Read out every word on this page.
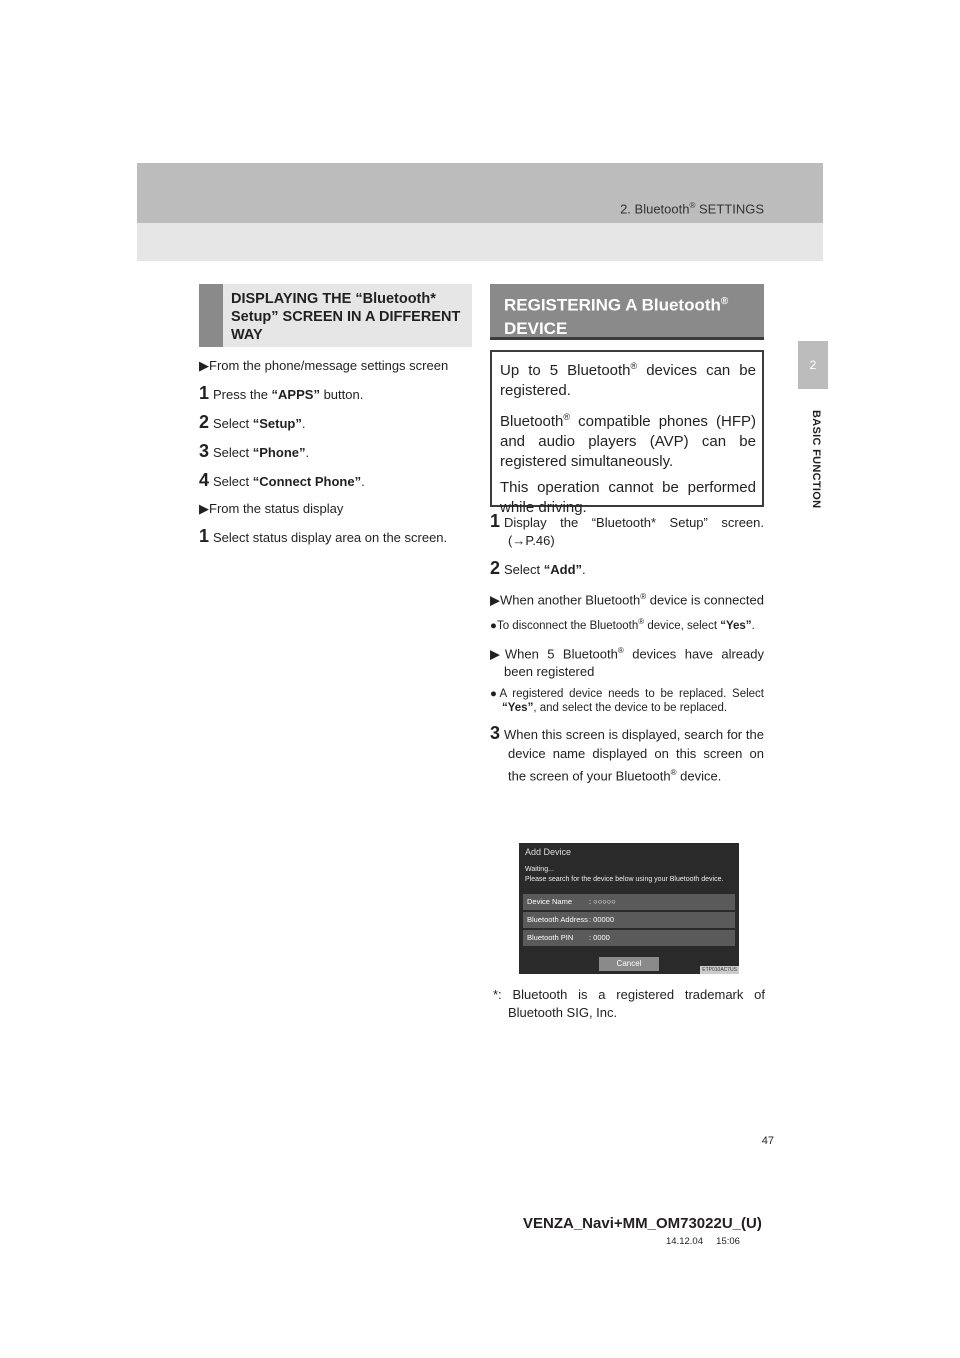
2. Bluetooth® SETTINGS
2
BASIC FUNCTION
DISPLAYING THE “Bluetooth* Setup” SCREEN IN A DIFFERENT WAY
▶From the phone/message settings screen
1 Press the “APPS” button.
2 Select “Setup”.
3 Select “Phone”.
4 Select “Connect Phone”.
▶From the status display
1 Select status display area on the screen.
REGISTERING A Bluetooth® DEVICE

Up to 5 Bluetooth® devices can be registered.

Bluetooth® compatible phones (HFP) and audio players (AVP) can be registered simultaneously.

This operation cannot be performed while driving.

1 Display the “Bluetooth* Setup” screen. (→P.46)
2 Select “Add”.
▶When another Bluetooth® device is connected
●To disconnect the Bluetooth® device, select “Yes”.
▶When 5 Bluetooth® devices have already been registered
●A registered device needs to be replaced. Select “Yes”, and select the device to be replaced.
3 When this screen is displayed, search for the device name displayed on this screen on the screen of your Bluetooth® device.
Add Device
Waiting...
Please search for the device below using your Bluetooth device.
Device Name : ○○○○○
Bluetooth Address : 00000
Bluetooth PIN : 0000
Cancel
ETP010AC7US
*: Bluetooth is a registered trademark of Bluetooth SIG, Inc.
47
VENZA_Navi+MM_OM73022U_(U)
14.12.04     15:06
